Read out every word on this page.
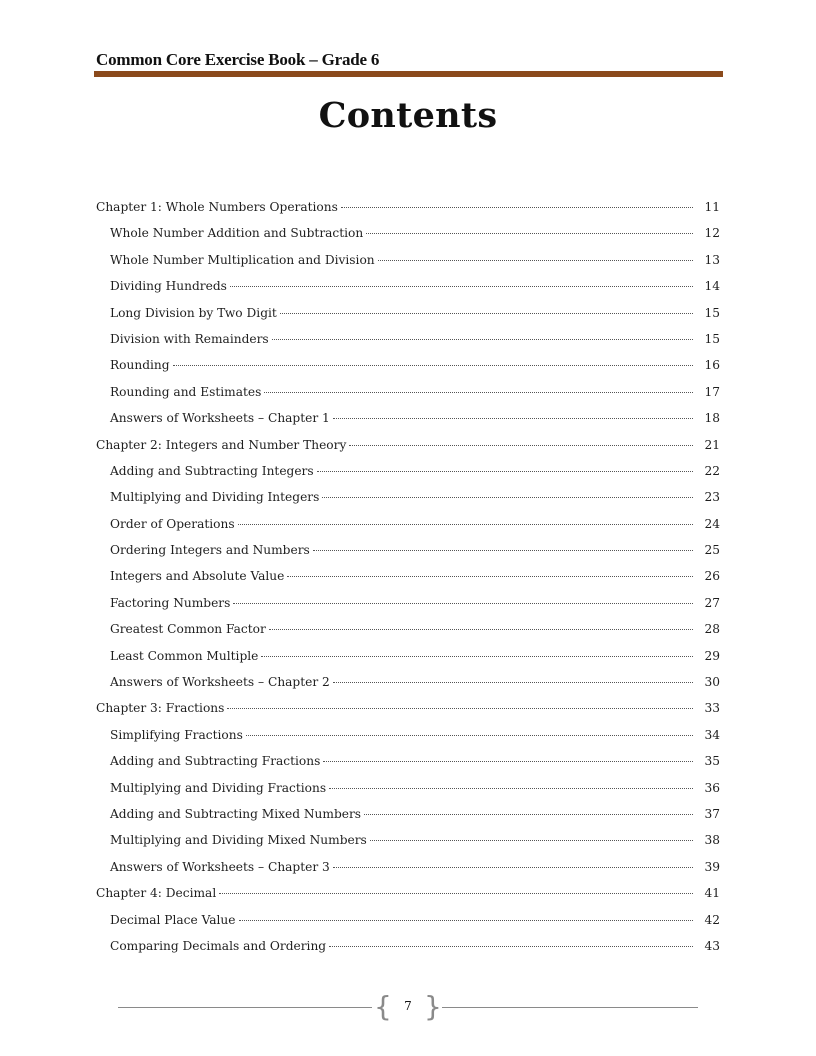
Common Core Exercise Book – Grade 6
Contents
Chapter 1: Whole Numbers Operations	11
Whole Number Addition and Subtraction	12
Whole Number Multiplication and Division	13
Dividing Hundreds	14
Long Division by Two Digit	15
Division with Remainders	15
Rounding	16
Rounding and Estimates	17
Answers of Worksheets – Chapter 1	18
Chapter 2: Integers and Number Theory	21
Adding and Subtracting Integers	22
Multiplying and Dividing Integers	23
Order of Operations	24
Ordering Integers and Numbers	25
Integers and Absolute Value	26
Factoring Numbers	27
Greatest Common Factor	28
Least Common Multiple	29
Answers of Worksheets – Chapter 2	30
Chapter 3: Fractions	33
Simplifying Fractions	34
Adding and Subtracting Fractions	35
Multiplying and Dividing Fractions	36
Adding and Subtracting Mixed Numbers	37
Multiplying and Dividing Mixed Numbers	38
Answers of Worksheets – Chapter 3	39
Chapter 4: Decimal	41
Decimal Place Value	42
Comparing Decimals and Ordering	43
{ }
7
